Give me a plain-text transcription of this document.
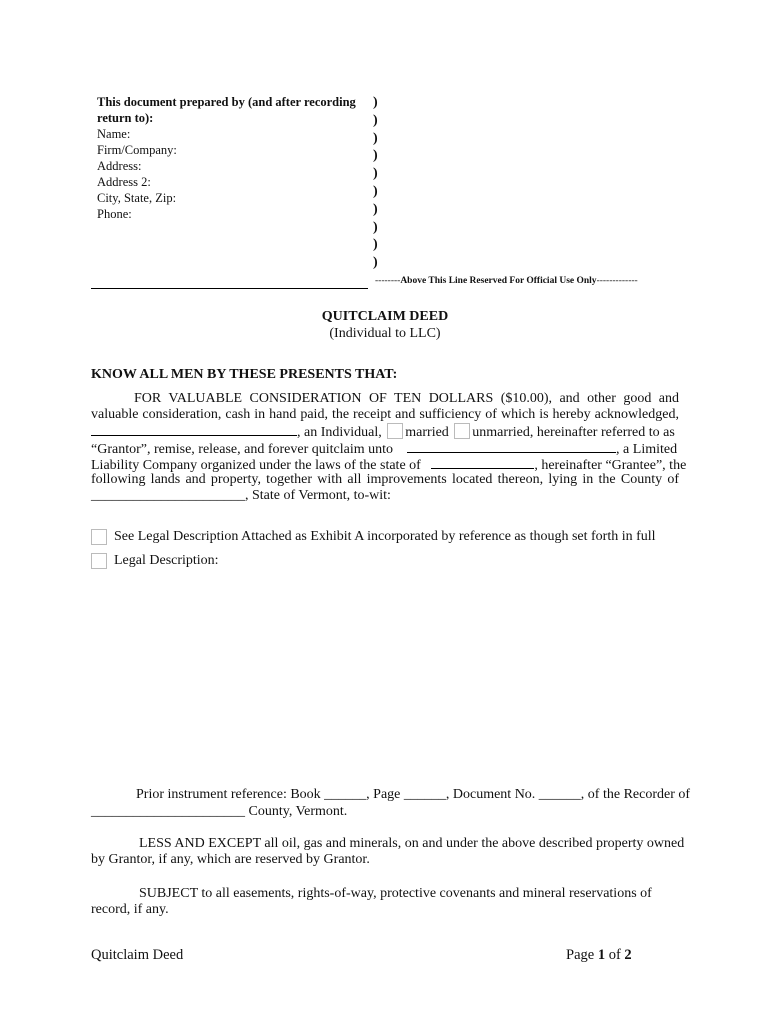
This document prepared by (and after recording
return to):
Name:
Firm/Company:
Address:
Address 2:
City, State, Zip:
Phone:
)
)
)
)
)
)
)
)
)
)
--------Above This Line Reserved For Official Use Only-------------
QUITCLAIM DEED
(Individual to LLC)
KNOW ALL MEN BY THESE PRESENTS THAT:
FOR VALUABLE CONSIDERATION OF TEN DOLLARS ($10.00), and other good and
valuable consideration, cash in hand paid, the receipt and sufficiency of which is hereby acknowledged,
, an Individual, married unmarried, hereinafter referred to as
“Grantor”, remise, release, and forever quitclaim unto	, a Limited
Liability Company organized under the laws of the state of	, hereinafter “Grantee”, the
following lands and property, together with all improvements located thereon, lying in the County of
______________________, State of Vermont, to-wit:
See Legal Description Attached as Exhibit A incorporated by reference as though set forth in full
Legal Description:
Prior instrument reference: Book ______, Page ______, Document No. ______, of the Recorder of
______________________ County, Vermont.
LESS AND EXCEPT all oil, gas and minerals, on and under the above described property owned
by Grantor, if any, which are reserved by Grantor.
SUBJECT to all easements, rights-of-way, protective covenants and mineral reservations of
record, if any.
Quitclaim Deed	Page 1 of 2
